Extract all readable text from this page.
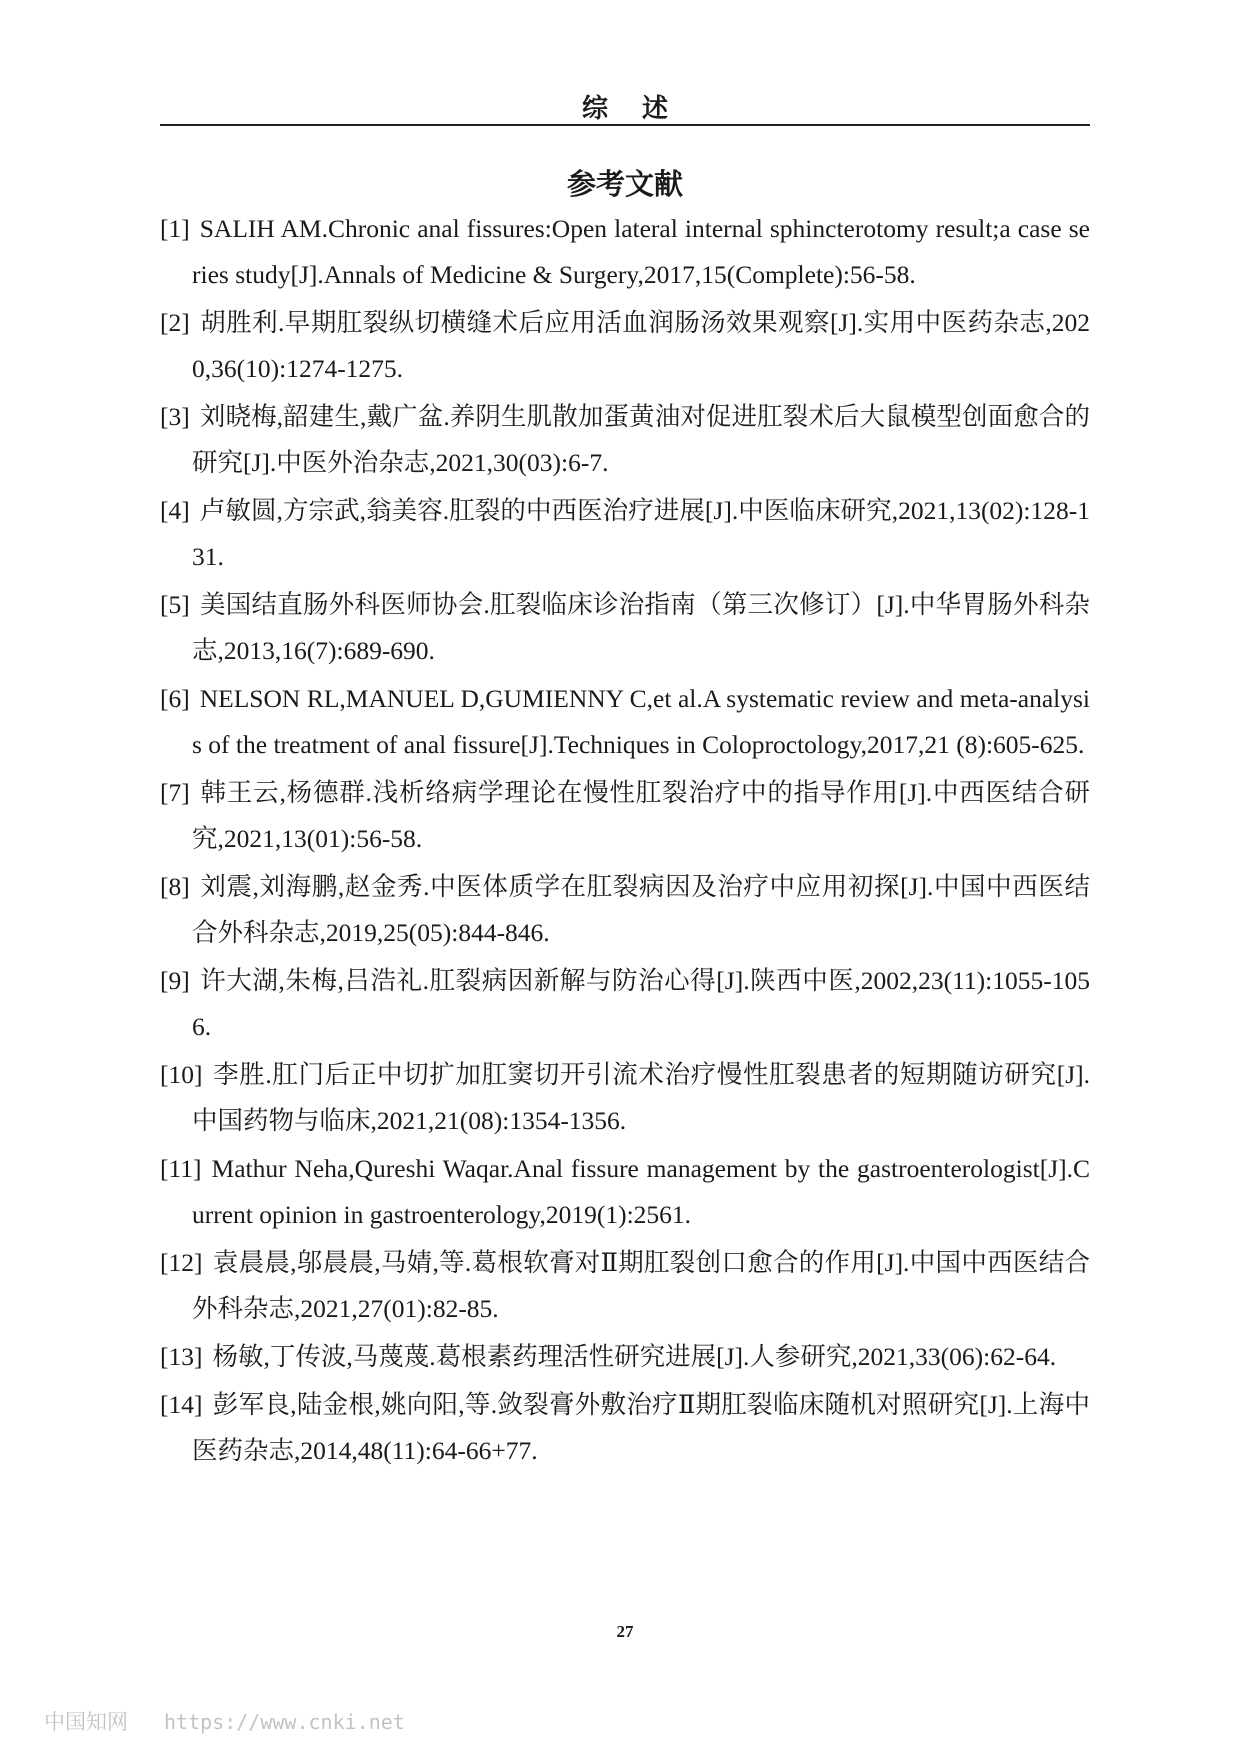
综述
参考文献
[1] SALIH AM.Chronic anal fissures:Open lateral internal sphincterotomy result;a case series study[J].Annals of Medicine & Surgery,2017,15(Complete):56-58.
[2] 胡胜利.早期肛裂纵切横缝术后应用活血润肠汤效果观察[J].实用中医药杂志,2020,36(10):1274-1275.
[3] 刘晓梅,韶建生,戴广盆.养阴生肌散加蛋黄油对促进肛裂术后大鼠模型创面愈合的研究[J].中医外治杂志,2021,30(03):6-7.
[4] 卢敏圆,方宗武,翁美容.肛裂的中西医治疗进展[J].中医临床研究,2021,13(02):128-131.
[5] 美国结直肠外科医师协会.肛裂临床诊治指南（第三次修订）[J].中华胃肠外科杂志,2013,16(7):689-690.
[6] NELSON RL,MANUEL D,GUMIENNY C,et al.A systematic review and meta-analysis of the treatment of anal fissure[J].Techniques in Coloproctology,2017,21 (8):605-625.
[7] 韩王云,杨德群.浅析络病学理论在慢性肛裂治疗中的指导作用[J].中西医结合研究,2021,13(01):56-58.
[8] 刘震,刘海鹏,赵金秀.中医体质学在肛裂病因及治疗中应用初探[J].中国中西医结合外科杂志,2019,25(05):844-846.
[9] 许大湖,朱梅,吕浩礼.肛裂病因新解与防治心得[J].陕西中医,2002,23(11):1055-1056.
[10] 李胜.肛门后正中切扩加肛窦切开引流术治疗慢性肛裂患者的短期随访研究[J].中国药物与临床,2021,21(08):1354-1356.
[11] Mathur Neha,Qureshi Waqar.Anal fissure management by the gastroenterologist[J].Current opinion in gastroenterology,2019(1):2561.
[12] 袁晨晨,邬晨晨,马婧,等.葛根软膏对Ⅱ期肛裂创口愈合的作用[J].中国中西医结合外科杂志,2021,27(01):82-85.
[13] 杨敏,丁传波,马蔑蔑.葛根素药理活性研究进展[J].人参研究,2021,33(06):62-64.
[14] 彭军良,陆金根,姚向阳,等.敛裂膏外敷治疗Ⅱ期肛裂临床随机对照研究[J].上海中医药杂志,2014,48(11):64-66+77.
27
中国知网 https://www.cnki.net
